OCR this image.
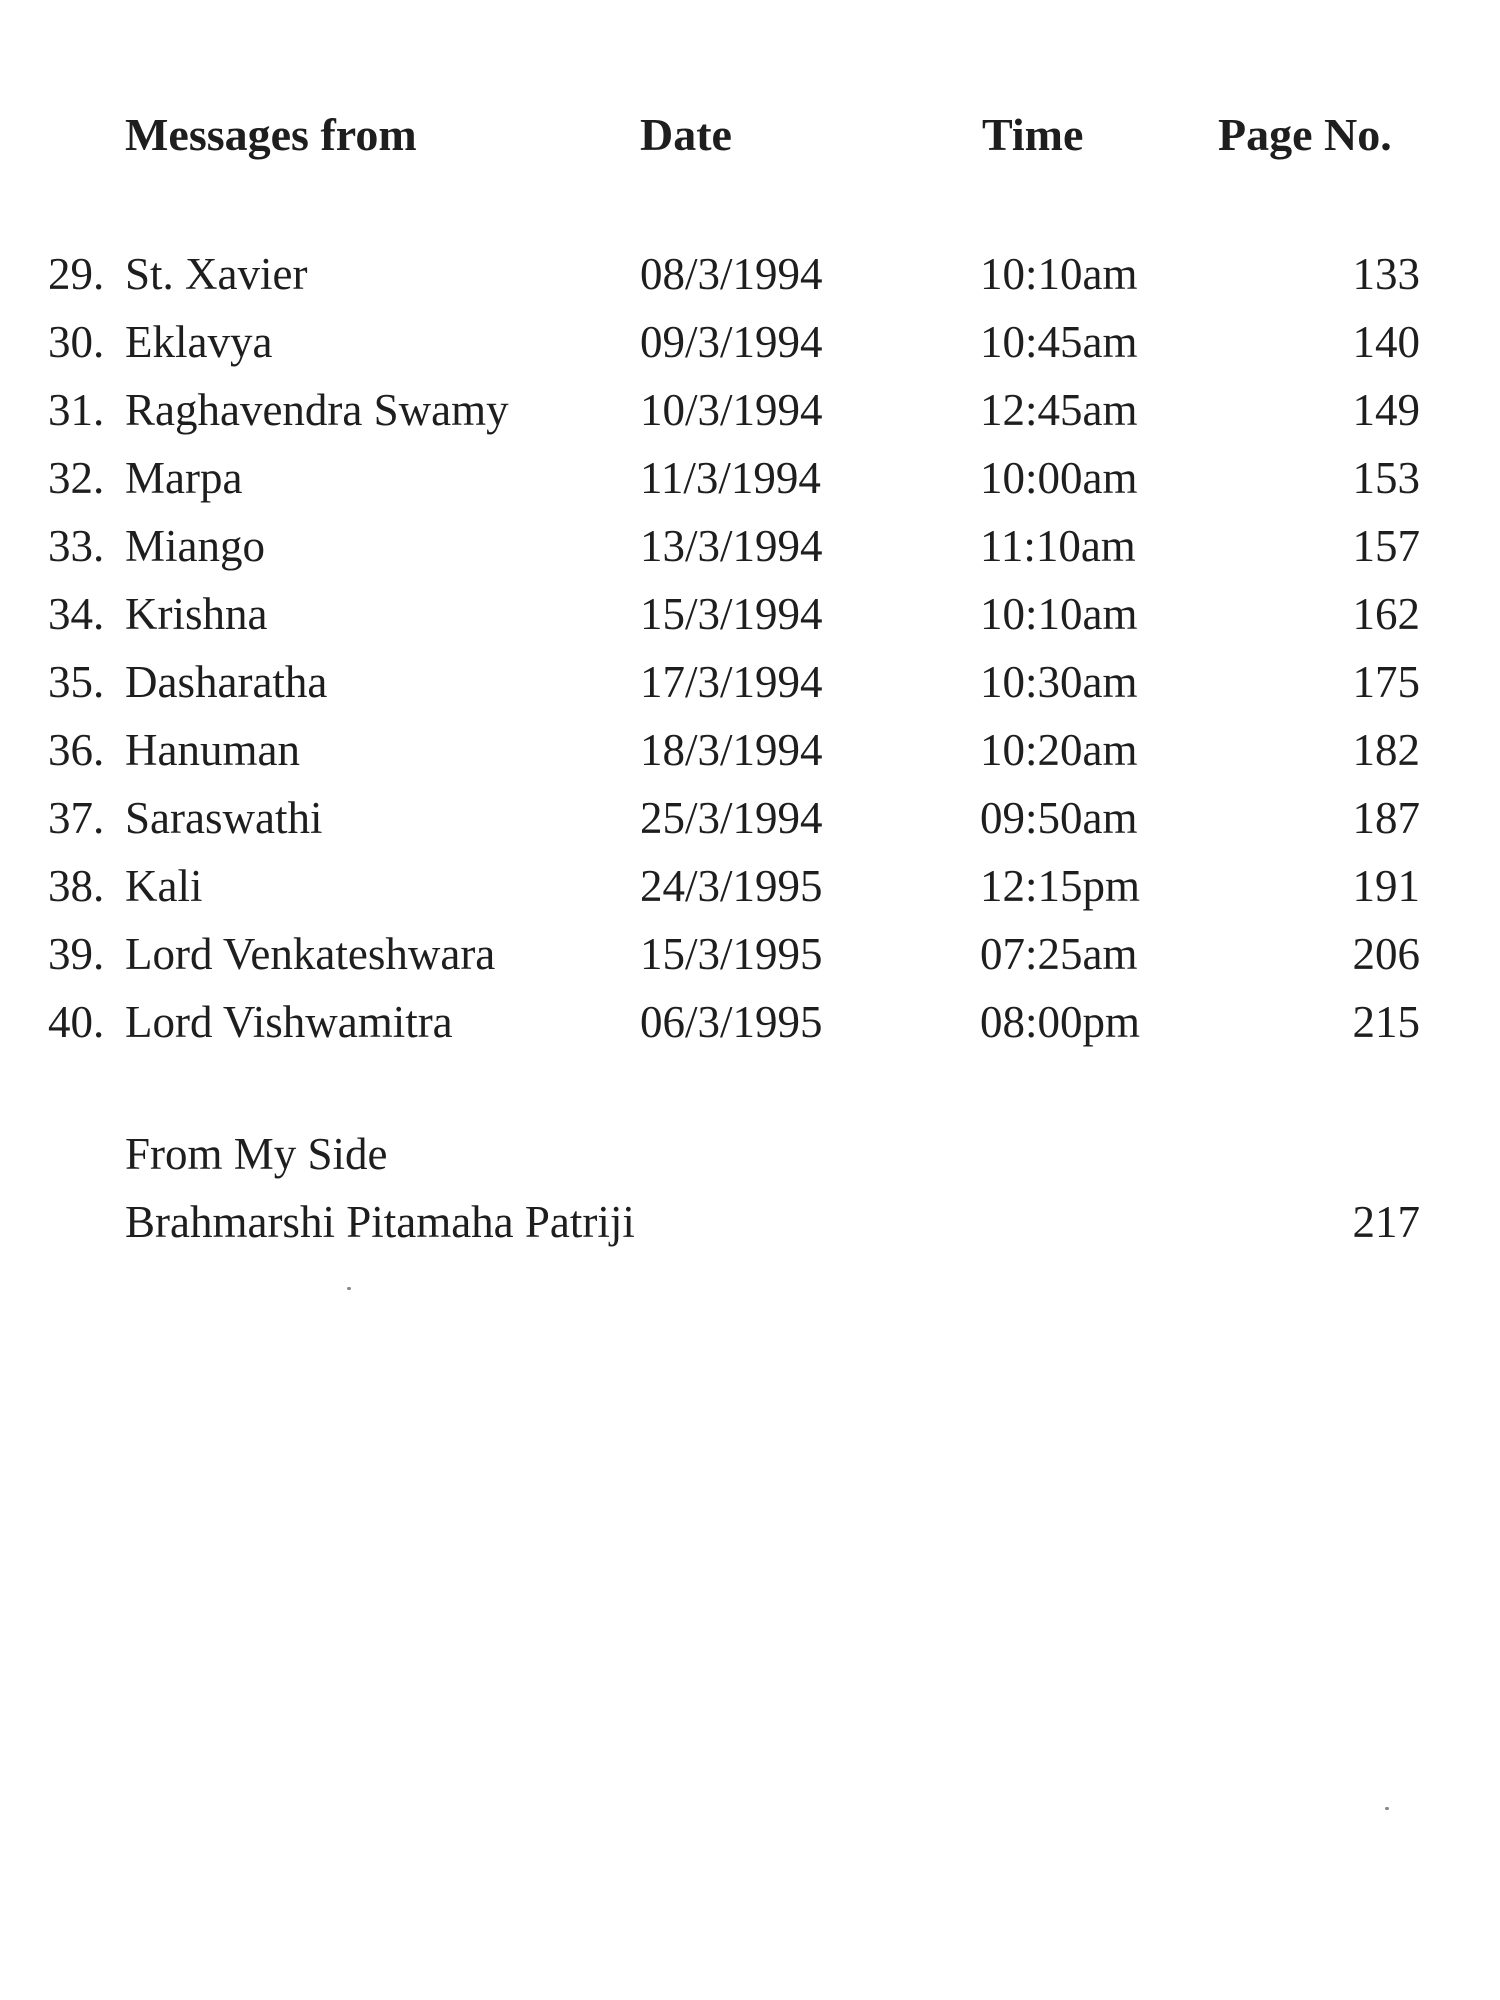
Messages from	Date	Time	Page No.
29. St. Xavier	08/3/1994	10:10am	133
30. Eklavya	09/3/1994	10:45am	140
31. Raghavendra Swamy	10/3/1994	12:45am	149
32. Marpa	11/3/1994	10:00am	153
33. Miango	13/3/1994	11:10am	157
34. Krishna	15/3/1994	10:10am	162
35. Dasharatha	17/3/1994	10:30am	175
36. Hanuman	18/3/1994	10:20am	182
37. Saraswathi	25/3/1994	09:50am	187
38. Kali	24/3/1995	12:15pm	191
39. Lord Venkateshwara	15/3/1995	07:25am	206
40. Lord Vishwamitra	06/3/1995	08:00pm	215
From My Side
Brahmarshi Pitamaha Patriji	217
